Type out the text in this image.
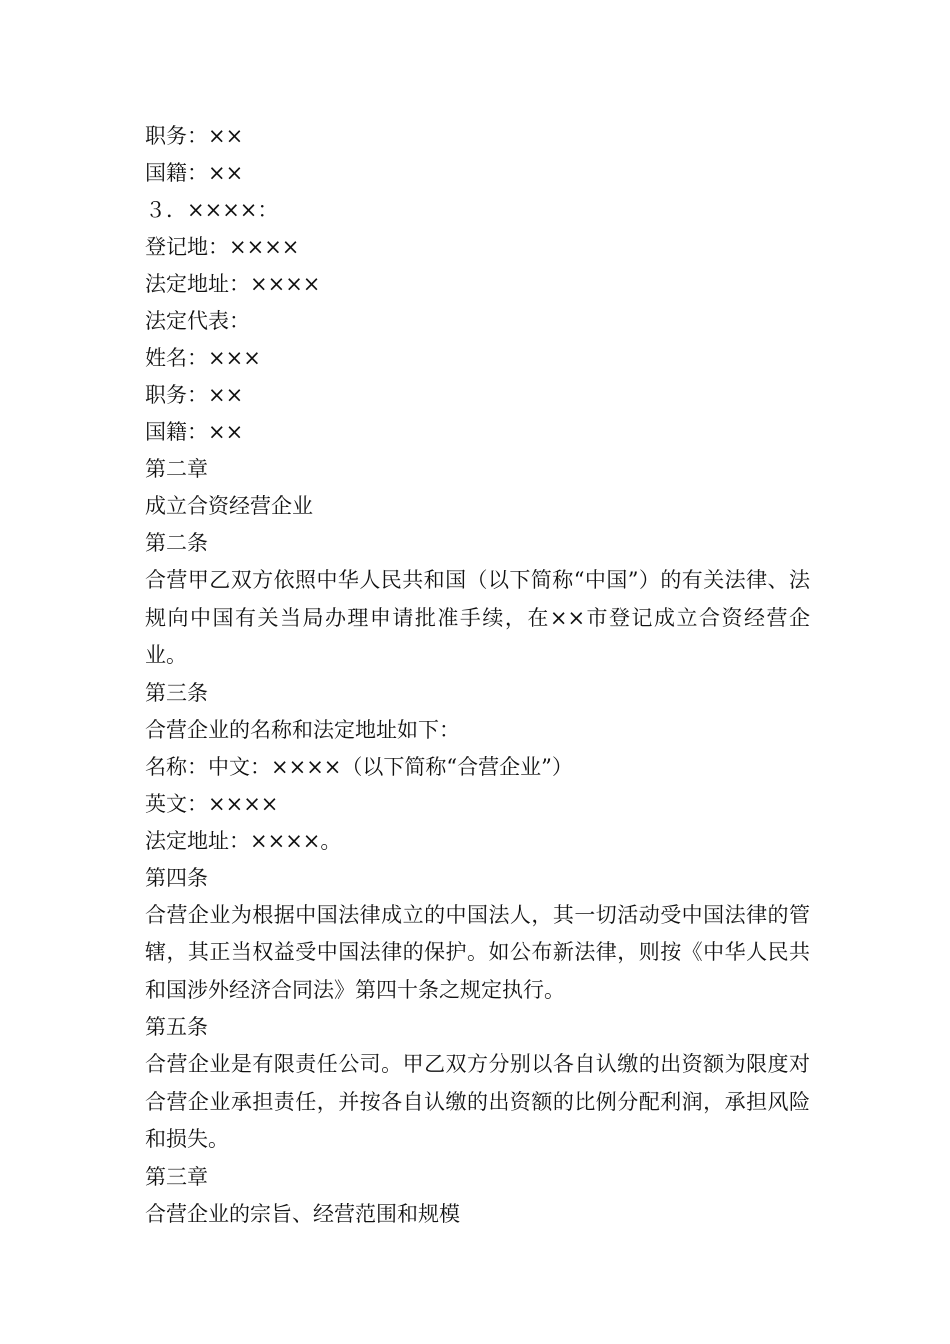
职务：××

国籍：××

３．××××：

登记地：××××

法定地址：××××

法定代表：

姓名：×××

职务：××

国籍：××

第二章

成立合资经营企业

第二条

合营甲乙双方依照中华人民共和国（以下简称“中国”）的有关法律、法规向中国有关当局办理申请批准手续，在××市登记成立合资经营企业。

第三条

合营企业的名称和法定地址如下：

名称：中文：××××（以下简称“合营企业”）

英文：××××

法定地址：××××。

第四条

合营企业为根据中国法律成立的中国法人，其一切活动受中国法律的管辖，其正当权益受中国法律的保护。如公布新法律，则按《中华人民共和国涉外经济合同法》第四十条之规定执行。

第五条

合营企业是有限责任公司。甲乙双方分别以各自认缴的出资额为限度对合营企业承担责任，并按各自认缴的出资额的比例分配利润，承担风险和损失。

第三章

合营企业的宗旨、经营范围和规模
